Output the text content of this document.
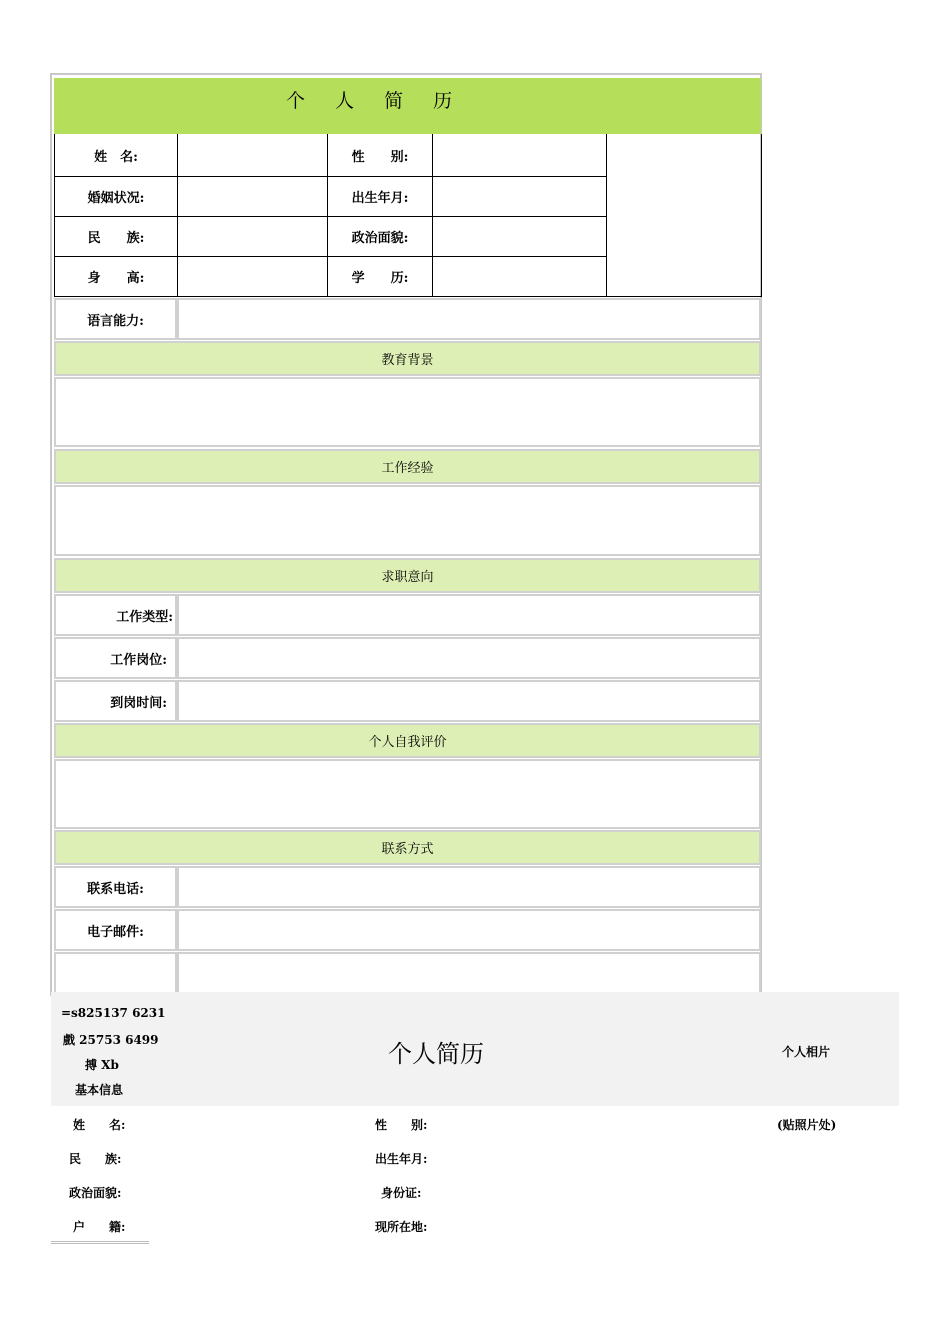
个 人 简 历
姓　名:	性　　别:
婚姻状况:	出生年月:
民　　族:	政治面貌:
身　　高:	学　　历:
语言能力:
教育背景
工作经验
求职意向
工作类型:
工作岗位:
到岗时间:
个人自我评价
联系方式
联系电话:
电子邮件:
=s825137 6231
戲 25753 6499
搏 Xb
基本信息
个人简历	个人相片
姓　　名:	性　　别:	(贴照片处)
民　　族:	出生年月:
政治面貌:	身份证:
户　　籍:	现所在地:
